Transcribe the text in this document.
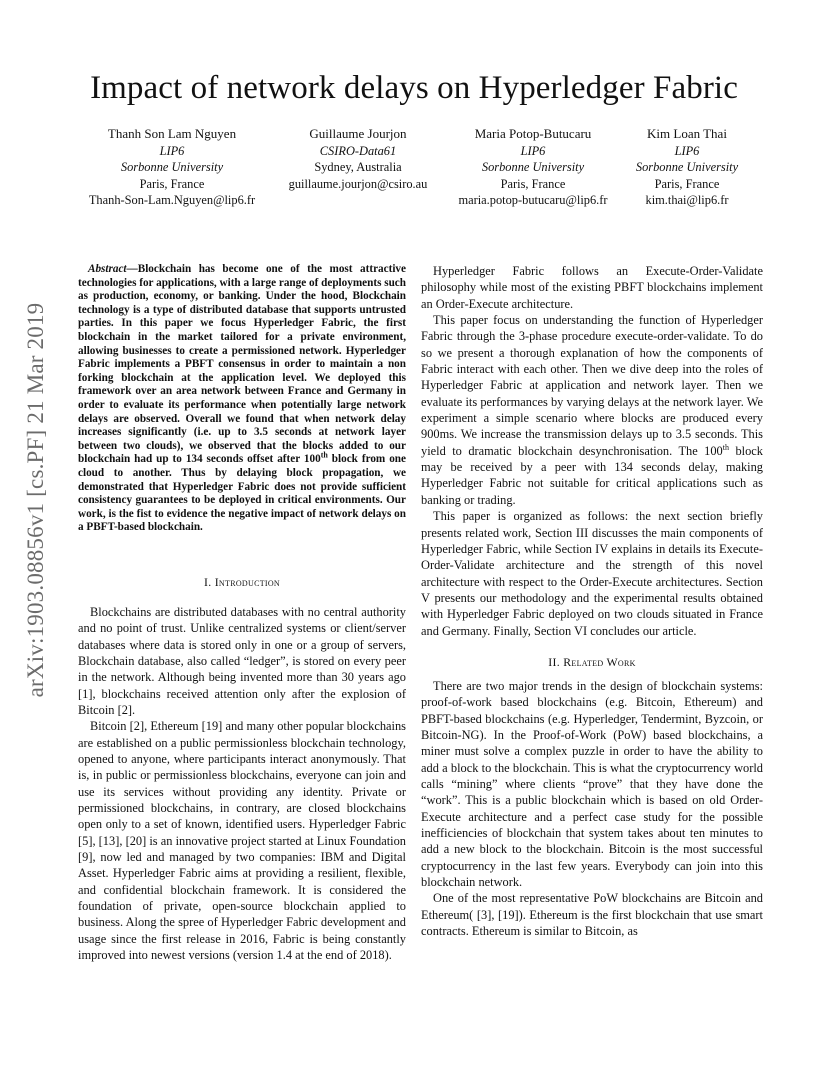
arXiv:1903.08856v1 [cs.PF] 21 Mar 2019
Impact of network delays on Hyperledger Fabric
Thanh Son Lam Nguyen
LIP6
Sorbonne University
Paris, France
Thanh-Son-Lam.Nguyen@lip6.fr
Guillaume Jourjon
CSIRO-Data61
Sydney, Australia
guillaume.jourjon@csiro.au
Maria Potop-Butucaru
LIP6
Sorbonne University
Paris, France
maria.potop-butucaru@lip6.fr
Kim Loan Thai
LIP6
Sorbonne University
Paris, France
kim.thai@lip6.fr

Abstract—Blockchain has become one of the most attractive technologies for applications, with a large range of deployments such as production, economy, or banking. Under the hood, Blockchain technology is a type of distributed database that supports untrusted parties. In this paper we focus Hyperledger Fabric, the first blockchain in the market tailored for a private environment, allowing businesses to create a permissioned network. Hyperledger Fabric implements a PBFT consensus in order to maintain a non forking blockchain at the application level. We deployed this framework over an area network between France and Germany in order to evaluate its performance when potentially large network delays are observed. Overall we found that when network delay increases significantly (i.e. up to 3.5 seconds at network layer between two clouds), we observed that the blocks added to our blockchain had up to 134 seconds offset after 100th block from one cloud to another. Thus by delaying block propagation, we demonstrated that Hyperledger Fabric does not provide sufficient consistency guarantees to be deployed in critical environments. Our work, is the fist to evidence the negative impact of network delays on a PBFT-based blockchain.

I. Introduction

Blockchains are distributed databases with no central authority and no point of trust. Unlike centralized systems or client/server databases where data is stored only in one or a group of servers, Blockchain database, also called “ledger”, is stored on every peer in the network. Although being invented more than 30 years ago [1], blockchains received attention only after the explosion of Bitcoin [2].

Bitcoin [2], Ethereum [19] and many other popular blockchains are established on a public permissionless blockchain technology, opened to anyone, where participants interact anonymously. That is, in public or permissionless blockchains, everyone can join and use its services without providing any identity. Private or permissioned blockchains, in contrary, are closed blockchains open only to a set of known, identified users. Hyperledger Fabric [5], [13], [20] is an innovative project started at Linux Foundation [9], now led and managed by two companies: IBM and Digital Asset. Hyperledger Fabric aims at providing a resilient, flexible, and confidential blockchain framework. It is considered the foundation of private, open-source blockchain applied to business. Along the spree of Hyperledger Fabric development and usage since the first release in 2016, Fabric is being constantly improved into newest versions (version 1.4 at the end of 2018).

Hyperledger Fabric follows an Execute-Order-Validate philosophy while most of the existing PBFT blockchains implement an Order-Execute architecture.

This paper focus on understanding the function of Hyperledger Fabric through the 3-phase procedure execute-order-validate. To do so we present a thorough explanation of how the components of Fabric interact with each other. Then we dive deep into the roles of Hyperledger Fabric at application and network layer. Then we evaluate its performances by varying delays at the network layer. We experiment a simple scenario where blocks are produced every 900ms. We increase the transmission delays up to 3.5 seconds. This yield to dramatic blockchain desynchronisation. The 100th block may be received by a peer with 134 seconds delay, making Hyperledger Fabric not suitable for critical applications such as banking or trading.

This paper is organized as follows: the next section briefly presents related work, Section III discusses the main components of Hyperledger Fabric, while Section IV explains in details its Execute-Order-Validate architecture and the strength of this novel architecture with respect to the Order-Execute architectures. Section V presents our methodology and the experimental results obtained with Hyperledger Fabric deployed on two clouds situated in France and Germany. Finally, Section VI concludes our article.

II. Related Work

There are two major trends in the design of blockchain systems: proof-of-work based blockchains (e.g. Bitcoin, Ethereum) and PBFT-based blockchains (e.g. Hyperledger, Tendermint, Byzcoin, or Bitcoin-NG). In the Proof-of-Work (PoW) based blockchains, a miner must solve a complex puzzle in order to have the ability to add a block to the blockchain. This is what the cryptocurrency world calls “mining” where clients “prove” that they have done the “work”. This is a public blockchain which is based on old Order-Execute architecture and a perfect case study for the possible inefficiencies of blockchain that system takes about ten minutes to add a new block to the blockchain. Bitcoin is the most successful cryptocurrency in the last few years. Everybody can join into this blockchain network.

One of the most representative PoW blockchains are Bitcoin and Ethereum( [3], [19]). Ethereum is the first blockchain that use smart contracts. Ethereum is similar to Bitcoin, as
